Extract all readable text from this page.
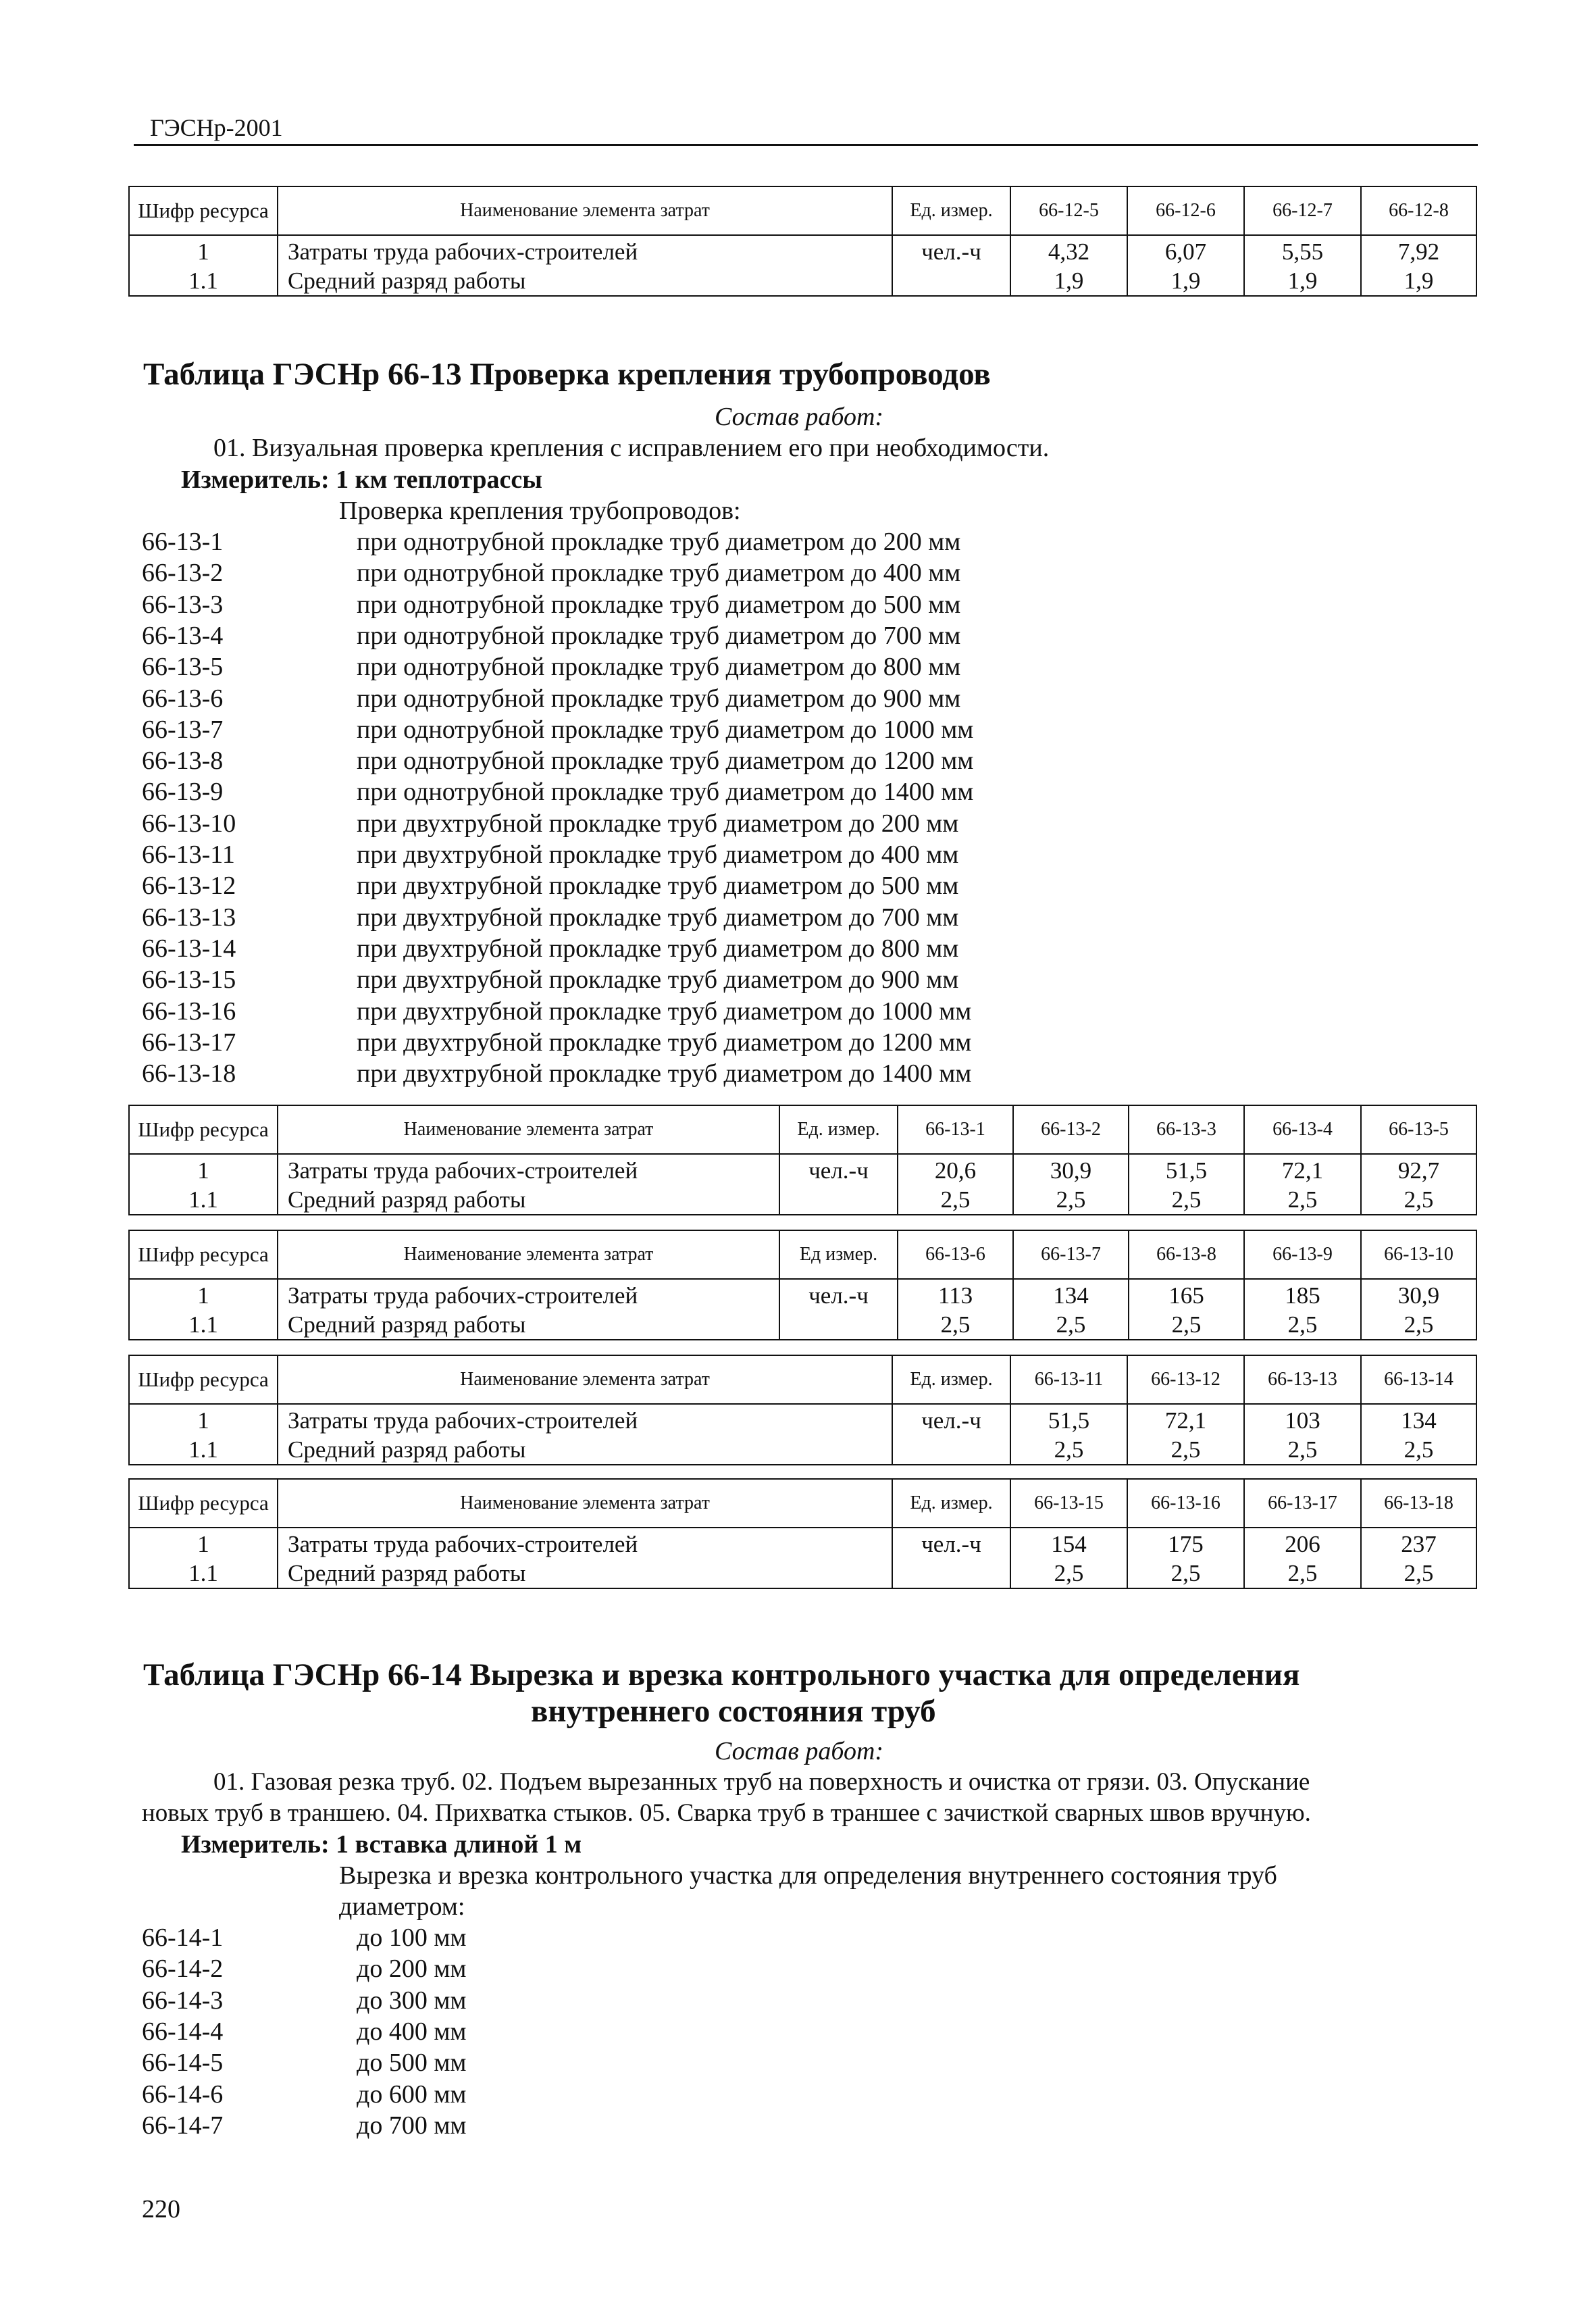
ГЭСНр-2001
Шифр ресурса	Наименование элемента затрат	Ед. измер.	66-12-5	66-12-6	66-12-7	66-12-8
1	Затраты труда рабочих-строителей	чел.-ч	4,32	6,07	5,55	7,92
1.1	Средний разряд работы		1,9	1,9	1,9	1,9
Таблица ГЭСНр 66-13 Проверка крепления трубопроводов
Состав работ:
01. Визуальная проверка крепления с исправлением его при необходимости.
Измеритель: 1 км теплотрассы
Проверка крепления трубопроводов:
66-13-1	при однотрубной прокладке труб диаметром до 200 мм
66-13-2	при однотрубной прокладке труб диаметром до 400 мм
66-13-3	при однотрубной прокладке труб диаметром до 500 мм
66-13-4	при однотрубной прокладке труб диаметром до 700 мм
66-13-5	при однотрубной прокладке труб диаметром до 800 мм
66-13-6	при однотрубной прокладке труб диаметром до 900 мм
66-13-7	при однотрубной прокладке труб диаметром до 1000 мм
66-13-8	при однотрубной прокладке труб диаметром до 1200 мм
66-13-9	при однотрубной прокладке труб диаметром до 1400 мм
66-13-10	при двухтрубной прокладке труб диаметром до 200 мм
66-13-11	при двухтрубной прокладке труб диаметром до 400 мм
66-13-12	при двухтрубной прокладке труб диаметром до 500 мм
66-13-13	при двухтрубной прокладке труб диаметром до 700 мм
66-13-14	при двухтрубной прокладке труб диаметром до 800 мм
66-13-15	при двухтрубной прокладке труб диаметром до 900 мм
66-13-16	при двухтрубной прокладке труб диаметром до 1000 мм
66-13-17	при двухтрубной прокладке труб диаметром до 1200 мм
66-13-18	при двухтрубной прокладке труб диаметром до 1400 мм
Шифр ресурса	Наименование элемента затрат	Ед. измер.	66-13-1	66-13-2	66-13-3	66-13-4	66-13-5
1	Затраты труда рабочих-строителей	чел.-ч	20,6	30,9	51,5	72,1	92,7
1.1	Средний разряд работы		2,5	2,5	2,5	2,5	2,5
Шифр ресурса	Наименование элемента затрат	Ед измер.	66-13-6	66-13-7	66-13-8	66-13-9	66-13-10
1	Затраты труда рабочих-строителей	чел.-ч	113	134	165	185	30,9
1.1	Средний разряд работы		2,5	2,5	2,5	2,5	2,5
Шифр ресурса	Наименование элемента затрат	Ед. измер.	66-13-11	66-13-12	66-13-13	66-13-14
1	Затраты труда рабочих-строителей	чел.-ч	51,5	72,1	103	134
1.1	Средний разряд работы		2,5	2,5	2,5	2,5
Шифр ресурса	Наименование элемента затрат	Ед. измер.	66-13-15	66-13-16	66-13-17	66-13-18
1	Затраты труда рабочих-строителей	чел.-ч	154	175	206	237
1.1	Средний разряд работы		2,5	2,5	2,5	2,5
Таблица ГЭСНр 66-14 Вырезка и врезка контрольного участка для определения
внутреннего состояния труб
Состав работ:
01. Газовая резка труб. 02. Подъем вырезанных труб на поверхность и очистка от грязи. 03. Опускание
новых труб в траншею. 04. Прихватка стыков. 05. Сварка труб в траншее с зачисткой сварных швов вручную.
Измеритель: 1 вставка длиной 1 м
Вырезка и врезка контрольного участка для определения внутреннего состояния труб
диаметром:
66-14-1	до 100 мм
66-14-2	до 200 мм
66-14-3	до 300 мм
66-14-4	до 400 мм
66-14-5	до 500 мм
66-14-6	до 600 мм
66-14-7	до 700 мм
220
